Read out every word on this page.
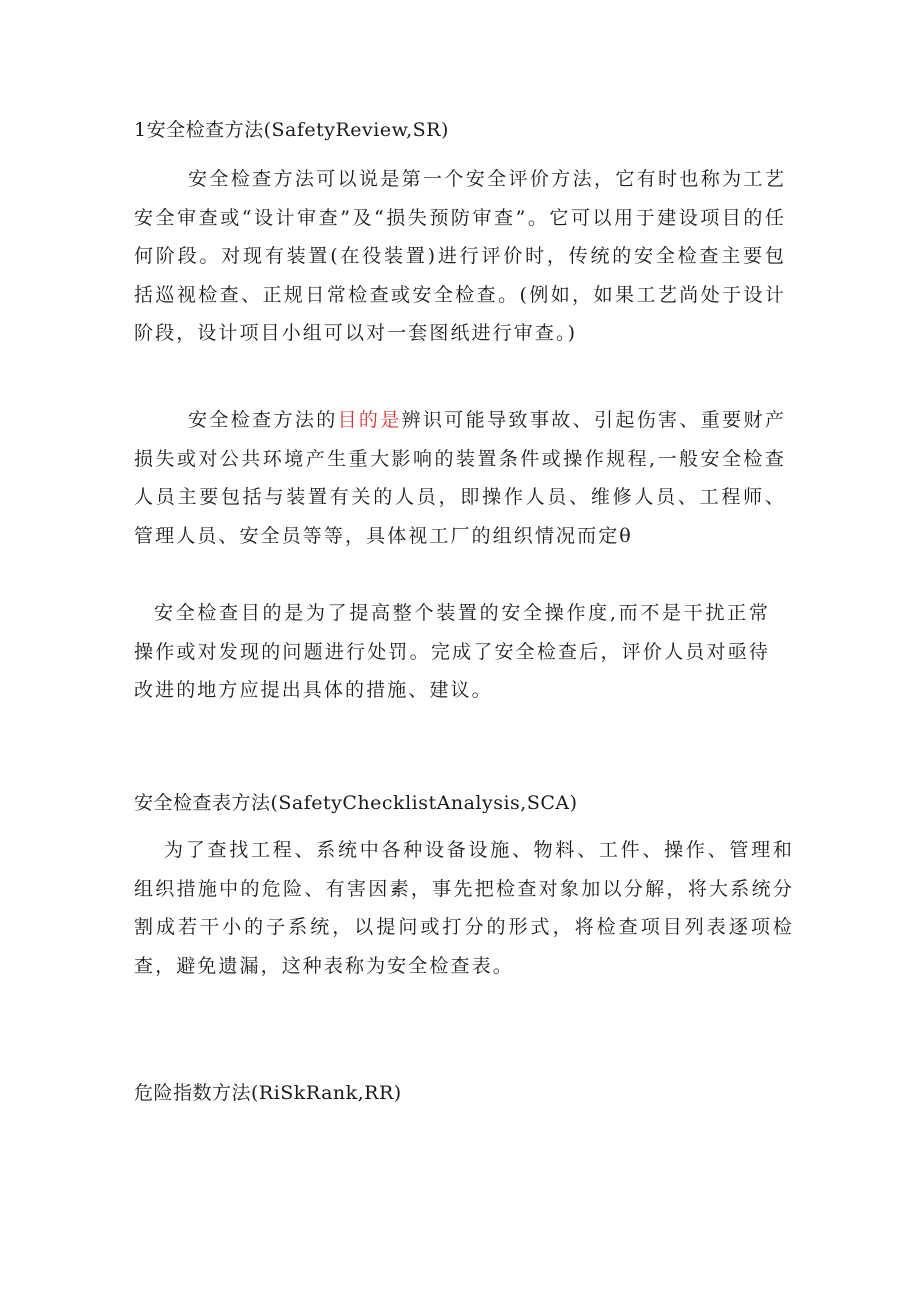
1安全检查方法(SafetyReview,SR)

安全检查方法可以说是第一个安全评价方法，它有时也称为工艺安全审查或“设计审查”及“损失预防审查”。它可以用于建设项目的任何阶段。对现有装置(在役装置)进行评价时，传统的安全检查主要包括巡视检查、正规日常检查或安全检查。(例如，如果工艺尚处于设计阶段，设计项目小组可以对一套图纸进行审查。)

安全检查方法的目的是辨识可能导致事故、引起伤害、重要财产损失或对公共环境产生重大影响的装置条件或操作规程,一般安全检查人员主要包括与装置有关的人员，即操作人员、维修人员、工程师、管理人员、安全员等等，具体视工厂的组织情况而定θ

安全检查目的是为了提高整个装置的安全操作度,而不是干扰正常操作或对发现的问题进行处罚。完成了安全检查后，评价人员对亟待改进的地方应提出具体的措施、建议。

安全检查表方法(SafetyChecklistAnalysis,SCA)

为了查找工程、系统中各种设备设施、物料、工件、操作、管理和组织措施中的危险、有害因素，事先把检查对象加以分解，将大系统分割成若干小的子系统，以提问或打分的形式，将检查项目列表逐项检查，避免遗漏，这种表称为安全检查表。

危险指数方法(RiSkRank,RR)
